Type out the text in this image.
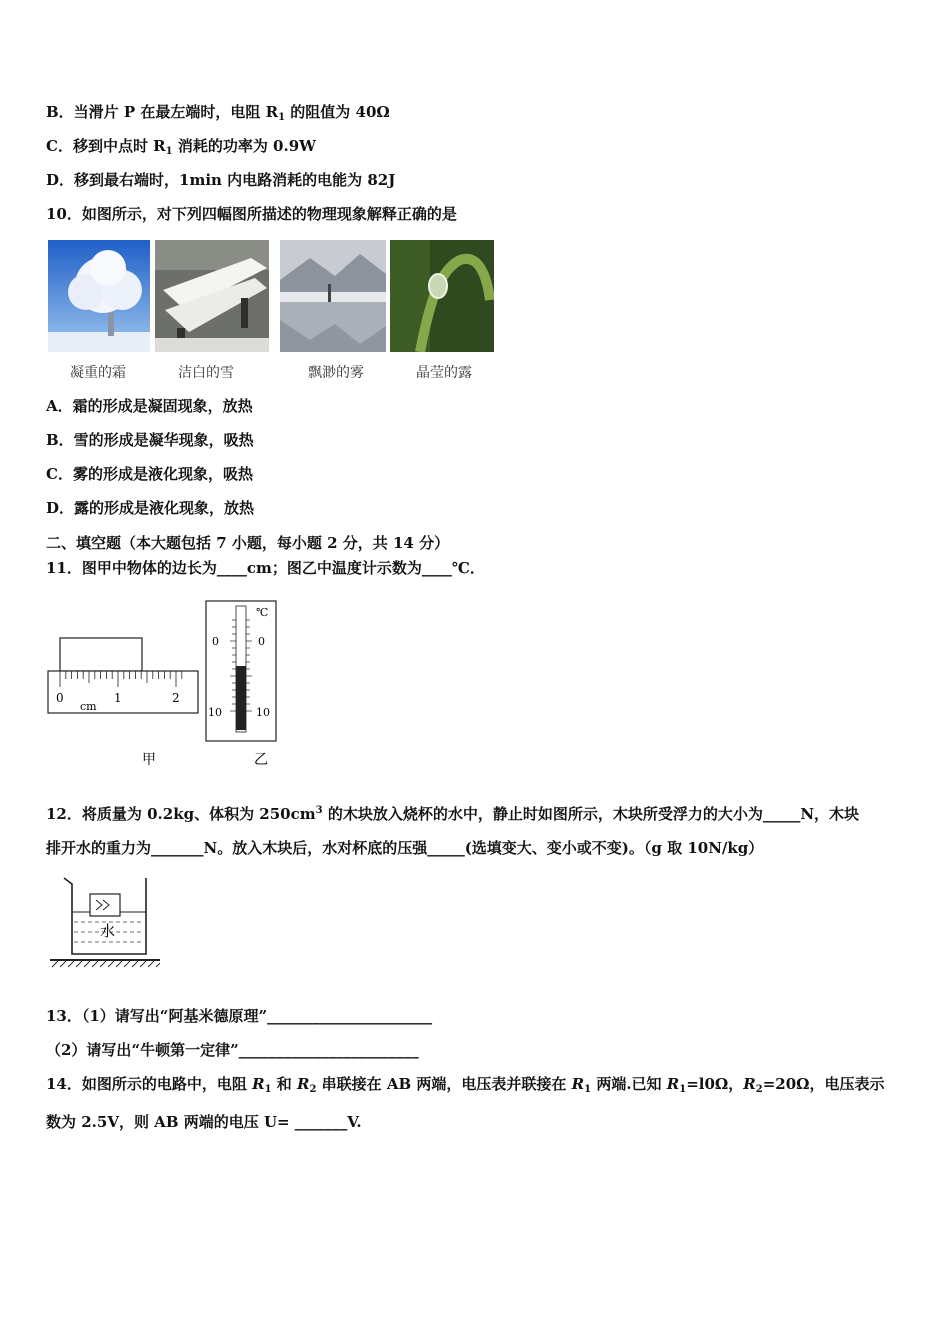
B．当滑片 P 在最左端时，电阻 $R_1$ 的阻值为 40Ω
C．移到中点时 $R_1$ 消耗的功率为 0.9W
D．移到最右端时，1min 内电路消耗的电能为 82J
10．如图所示，对下列四幅图所描述的物理现象解释正确的是
凝重的霜	洁白的雪	飘渺的雾	晶莹的露
A．霜的形成是凝固现象，放热
B．雪的形成是凝华现象，吸热
C．雾的形成是液化现象，吸热
D．露的形成是液化现象，放热
二、填空题（本大题包括 7 小题，每小题 2 分，共 14 分）
11．图甲中物体的边长为____cm；图乙中温度计示数为____℃．
0	1	2
cm
℃
0	0
10	10
甲	乙
12．将质量为 0.2kg、体积为 $250cm^3$ 的木块放入烧杯的水中，静止时如图所示，木块所受浮力的大小为_____N，木块
排开水的重力为_______N。放入木块后，水对杯底的压强_____(选填变大、变小或不变)。（g 取 10N/kg）
水
13．（1）请写出“阿基米德原理”______________________
（2）请写出“牛顿第一定律”________________________
14．如图所示的电路中，电阻 $R_1$ 和 $R_2$ 串联接在 AB 两端，电压表并联接在 $R_1$ 两端.已知 $R_1=l0\Omega$，$R_2=20\Omega$，电压表示
数为 2.5V，则 AB 两端的电压 U= _______V.
